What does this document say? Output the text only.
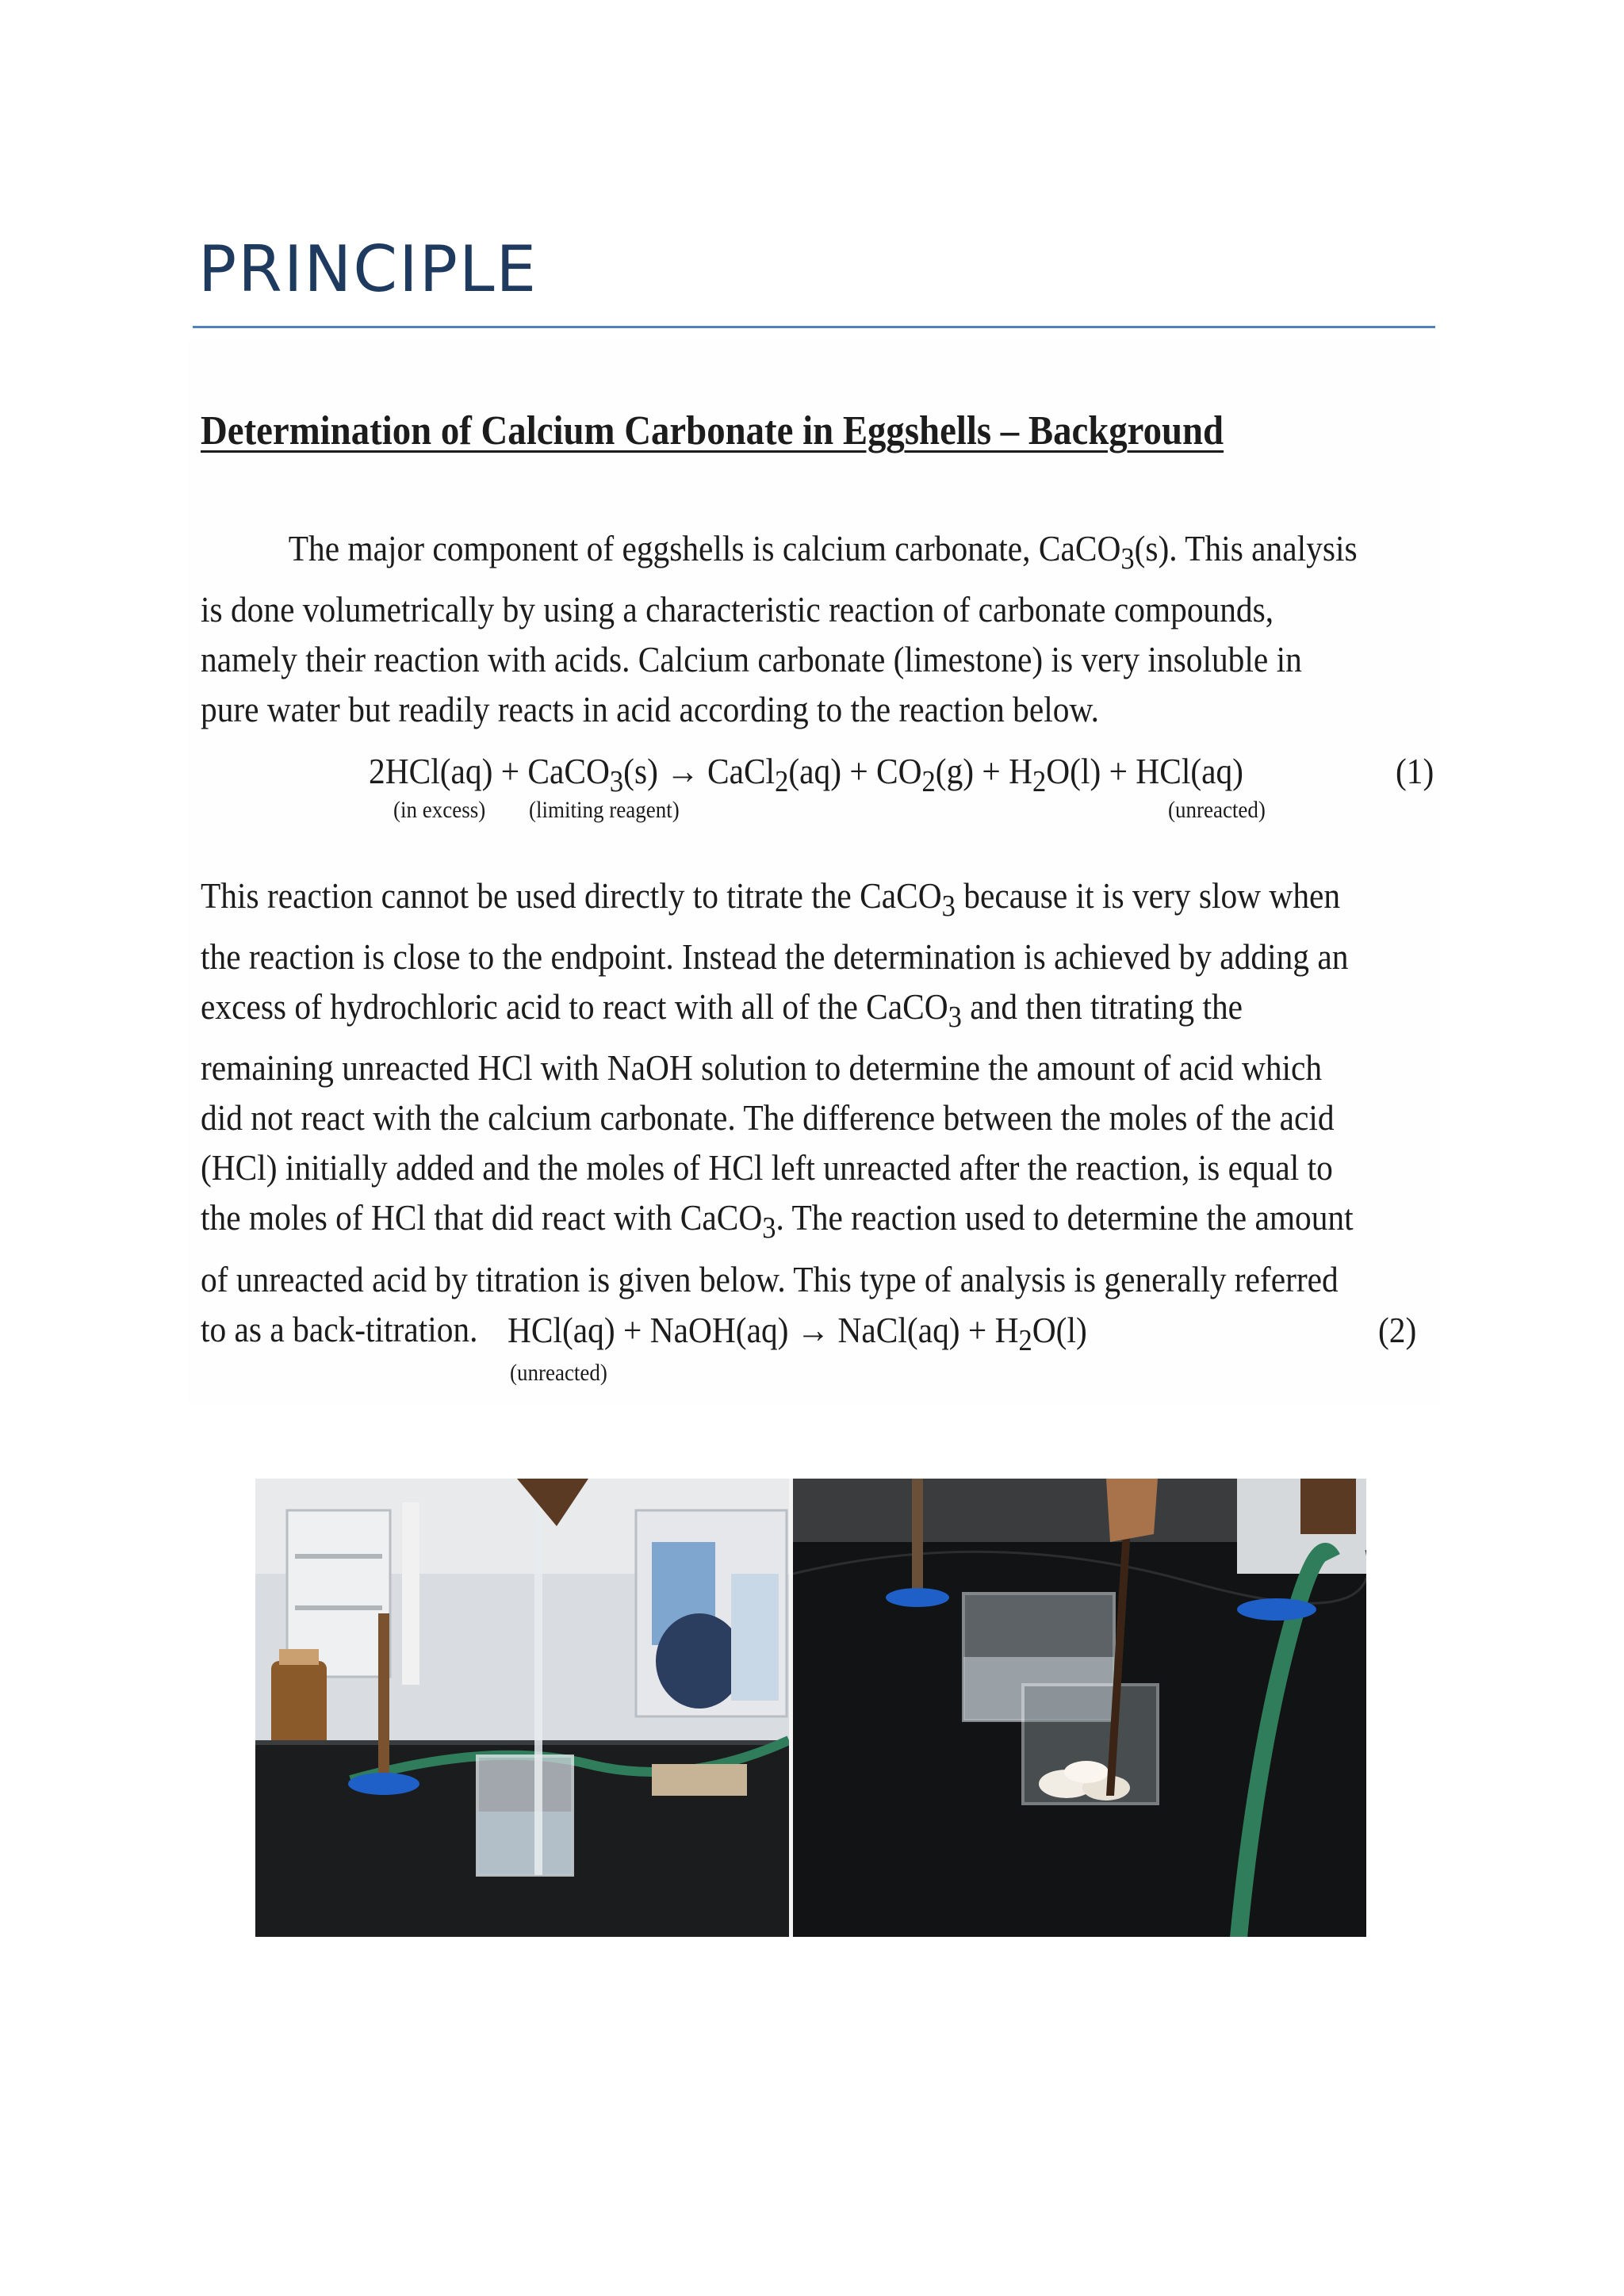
PRINCIPLE
Determination of Calcium Carbonate in Eggshells – Background

The major component of eggshells is calcium carbonate, CaCO$_3$(s). This analysis is done volumetrically by using a characteristic reaction of carbonate compounds, namely their reaction with acids. Calcium carbonate (limestone) is very insoluble in pure water but readily reacts in acid according to the reaction below.

2HCl(aq) + CaCO$_3$(s) → CaCl$_2$(aq) + $CO_2(g) + H_2O(l) + HCl(aq)$	(1)
(in excess) (limiting reagent)	(unreacted)

This reaction cannot be used directly to titrate the CaCO$_3$ because it is very slow when the reaction is close to the endpoint. Instead the determination is achieved by adding an excess of hydrochloric acid to react with all of the CaCO$_3$ and then titrating the remaining unreacted HCl with NaOH solution to determine the amount of acid which did not react with the calcium carbonate. The difference between the moles of the acid (HCl) initially added and the moles of HCl left unreacted after the reaction, is equal to the moles of HCl that did react with CaCO$_3$. The reaction used to determine the amount of unreacted acid by titration is given below. This type of analysis is generally referred to as a back-titration. HCl(aq) + NaOH(aq) → NaCl(aq) + $H_2O(l)$	(2)
(unreacted)
